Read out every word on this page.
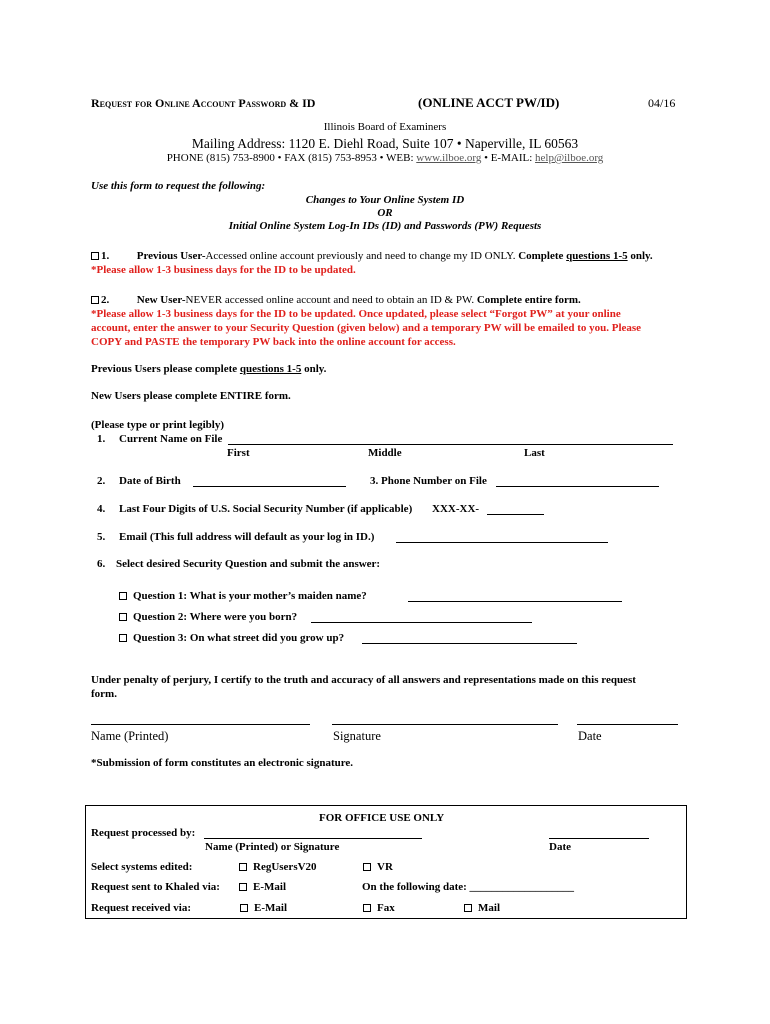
Request for Online Account Password & ID	(ONLINE ACCT PW/ID)	04/16
Illinois Board of Examiners
Mailing Address: 1120 E. Diehl Road, Suite 107 • Naperville, IL 60563
PHONE (815) 753-8900 • FAX (815) 753-8953 • WEB: www.ilboe.org • E-MAIL: help@ilboe.org
Use this form to request the following:
Changes to Your Online System ID
OR
Initial Online System Log-In IDs (ID) and Passwords (PW) Requests
1.	Previous User-Accessed online account previously and need to change my ID ONLY. Complete questions 1-5 only.
*Please allow 1-3 business days for the ID to be updated.
2.	New User-NEVER accessed online account and need to obtain an ID & PW. Complete entire form.
*Please allow 1-3 business days for the ID to be updated. Once updated, please select “Forgot PW” at your online
account, enter the answer to your Security Question (given below) and a temporary PW will be emailed to you. Please
COPY and PASTE the temporary PW back into the online account for access.
Previous Users please complete questions 1-5 only.
New Users please complete ENTIRE form.
(Please type or print legibly)
1. Current Name on File
First	Middle	Last
2. Date of Birth	3. Phone Number on File
4. Last Four Digits of U.S. Social Security Number (if applicable) XXX-XX-
5. Email (This full address will default as your log in ID.)
6. Select desired Security Question and submit the answer:
Question 1: What is your mother’s maiden name?
Question 2: Where were you born?
Question 3: On what street did you grow up?
Under penalty of perjury, I certify to the truth and accuracy of all answers and representations made on this request
form.
Name (Printed)	Signature	Date
*Submission of form constitutes an electronic signature.
FOR OFFICE USE ONLY
Request processed by:
Name (Printed) or Signature	Date
Select systems edited:	RegUsersV20	VR
Request sent to Khaled via:	E-Mail	On the following date: ___________________
Request received via:	E-Mail	Fax	Mail
